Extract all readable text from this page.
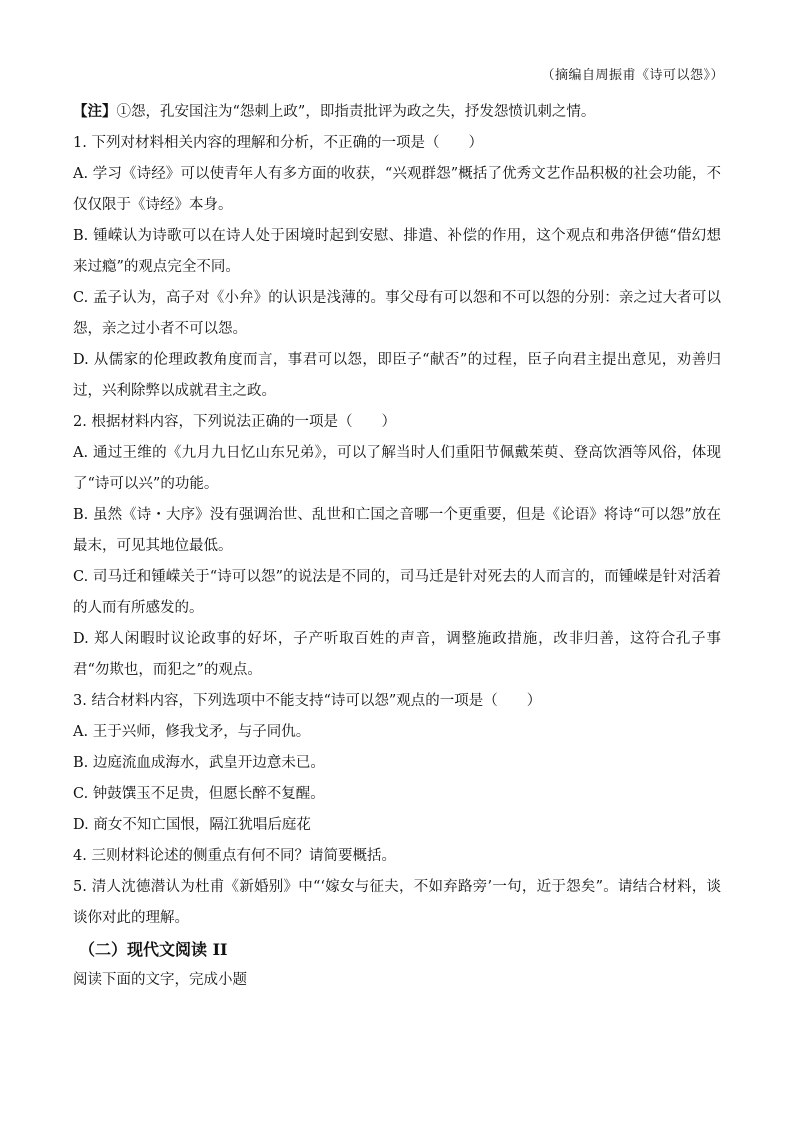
（摘编自周振甫《诗可以怨》）
【注】①怨，孔安国注为“怨刺上政”，即指责批评为政之失，抒发怨愤讥刺之情。
1. 下列对材料相关内容的理解和分析，不正确的一项是（　　）
A. 学习《诗经》可以使青年人有多方面的收获，“兴观群怨”概括了优秀文艺作品积极的社会功能，不仅仅限于《诗经》本身。
B. 锺嵘认为诗歌可以在诗人处于困境时起到安慰、排遣、补偿的作用，这个观点和弗洛伊德“借幻想来过瘾”的观点完全不同。
C. 孟子认为，高子对《小弁》的认识是浅薄的。事父母有可以怨和不可以怨的分别：亲之过大者可以怨，亲之过小者不可以怨。
D. 从儒家的伦理政教角度而言，事君可以怨，即臣子“献否”的过程，臣子向君主提出意见，劝善归过，兴利除弊以成就君主之政。
2. 根据材料内容，下列说法正确的一项是（　　）
A. 通过王维的《九月九日忆山东兄弟》，可以了解当时人们重阳节佩戴茱萸、登高饮酒等风俗，体现了“诗可以兴”的功能。
B. 虽然《诗・大序》没有强调治世、乱世和亡国之音哪一个更重要，但是《论语》将诗“可以怨”放在最末，可见其地位最低。
C. 司马迁和锺嵘关于“诗可以怨”的说法是不同的，司马迁是针对死去的人而言的，而锺嵘是针对活着的人而有所感发的。
D. 郑人闲暇时议论政事的好坏，子产听取百姓的声音，调整施政措施，改非归善，这符合孔子事君“勿欺也，而犯之”的观点。
3. 结合材料内容，下列选项中不能支持“诗可以怨”观点的一项是（　　）
A. 王于兴师，修我戈矛，与子同仇。
B. 边庭流血成海水，武皇开边意未已。
C. 钟鼓馔玉不足贵，但愿长醉不复醒。
D. 商女不知亡国恨，隔江犹唱后庭花
4. 三则材料论述的侧重点有何不同？请简要概括。
5. 清人沈德潜认为杜甫《新婚别》中“‘嫁女与征夫，不如弃路旁’一句，近于怨矣”。请结合材料，谈谈你对此的理解。
（二）现代文阅读 II
阅读下面的文字，完成小题
